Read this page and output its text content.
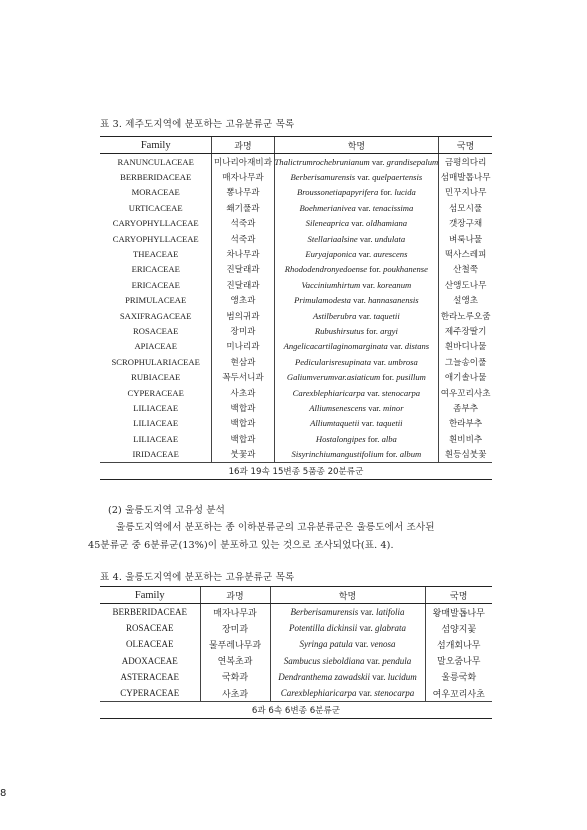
표 3. 제주도지역에 분포하는 고유분류군 목록
Family	과명	학명	국명
RANUNCULACEAE	미나리아재비과	Thalictrumrochebrunianum var. grandisepalum	금평의다리
BERBERIDACEAE	매자나무과	Berberisamurensis var. quelpaertensis	섬매발톱나무
MORACEAE	뽕나무과	Broussonetiapapyrifera for. lucida	민꾸지나무
URTICACEAE	쐐기풀과	Boehmerianivea var. tenacissima	섬모시풀
CARYOPHYLLACEAE	석죽과	Sileneaprica var. oldhamiana	갯장구채
CARYOPHYLLACEAE	석죽과	Stellariaalsine var. undulata	벼룩나물
THEACEAE	차나무과	Euryajaponica var. aurescens	떡사스레피
ERICACEAE	진달래과	Rhododendronyedoense for. poukhanense	산철쭉
ERICACEAE	진달래과	Vacciniumhirtum var. koreanum	산앵도나무
PRIMULACEAE	앵초과	Primulamodesta var. hannasanensis	설앵초
SAXIFRAGACEAE	범의귀과	Astilberubra var. taquetii	한라노루오줌
ROSACEAE	장미과	Rubushirsutus for. argyi	제주장딸기
APIACEAE	미나리과	Angelicacartilaginomarginata var. distans	흰바디나물
SCROPHULARIACEAE	현삼과	Pedicularisresupinata var. umbrosa	그늘송이풀
RUBIACEAE	꼭두서니과	Galiumverumvar.asiaticum for. pusillum	애기솔나물
CYPERACEAE	사초과	Carexblephiaricarpa var. stenocarpa	여우꼬리사초
LILIACEAE	백합과	Alliumsenescens var. minor	좀부추
LILIACEAE	백합과	Alliumtaquetii var. taquetii	한라부추
LILIACEAE	백합과	Hostalongipes for. alba	흰비비추
IRIDACEAE	붓꽃과	Sisyrinchiumangustifolium for. album	흰등심붓꽃
16과 19속 15변종 5품종 20분류군			
(2) 울릉도지역 고유성 분석
울릉도지역에서 분포하는 종 이하분류군의 고유분류군은 울릉도에서 조사된
45분류군 중 6분류군(13%)이 분포하고 있는 것으로 조사되었다(표. 4).
표 4. 울릉도지역에 분포하는 고유분류군 목록
Family	과명	학명	국명
BERBERIDACEAE	매자나무과	Berberisamurensis var. latifolia	왕매발톱나무
ROSACEAE	장미과	Potentilla dickinsii var. glabrata	섬양지꽃
OLEACEAE	물푸레나무과	Syringa patula var. venosa	섬개회나무
ADOXACEAE	연복초과	Sambucus sieboldiana var. pendula	말오줌나무
ASTERACEAE	국화과	Dendranthema zawadskii var. lucidum	울릉국화
CYPERACEAE	사초과	Carexblephiaricarpa var. stenocarpa	여우꼬리사초
6과 6속 6변종 6분류군			
8
